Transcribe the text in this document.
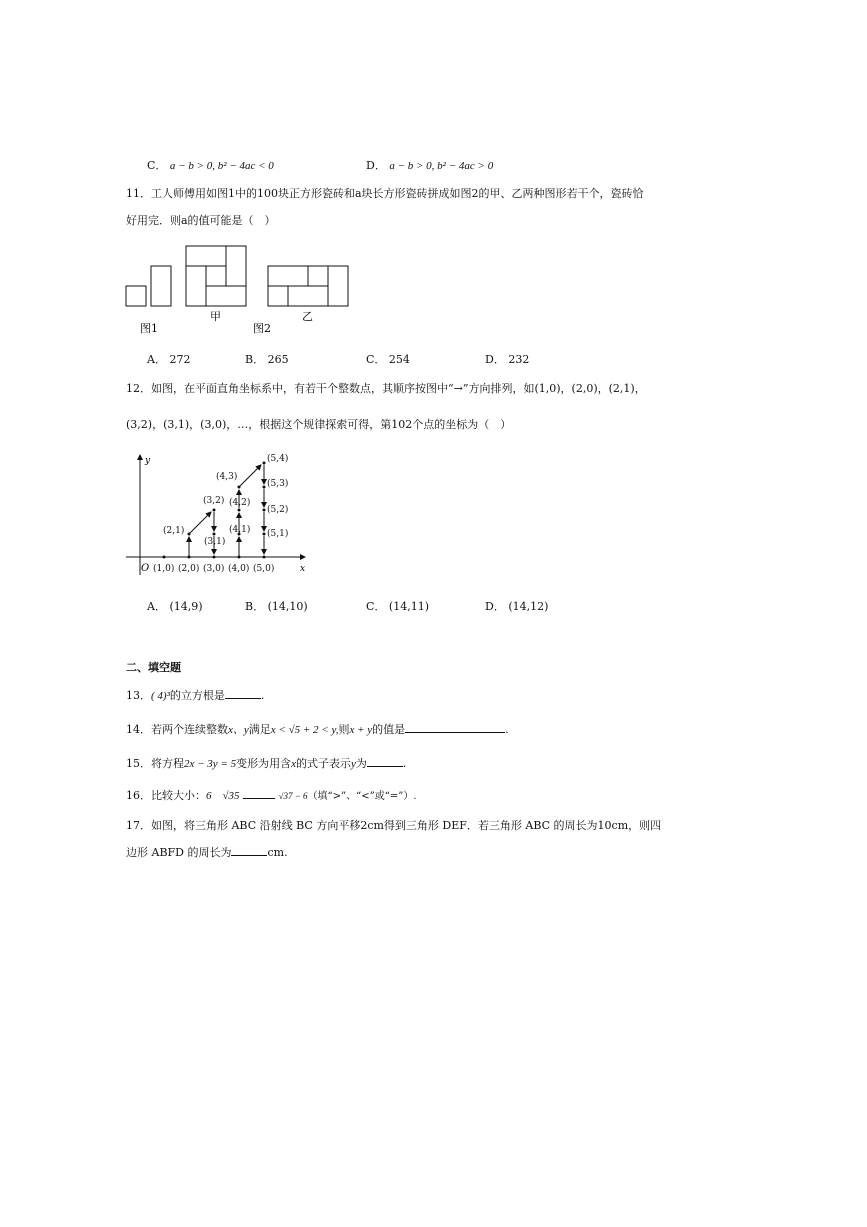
C． a − b > 0, b² − 4ac < 0	D． a − b > 0, b² − 4ac > 0
11．工人师傅用如图1中的100块正方形瓷砖和a块长方形瓷砖拼成如图2的甲、乙两种图形若干个，瓷砖恰
好用完．则a的值可能是（　）
图1
甲
图2
乙
A． 272	B． 265	C． 254	D． 232
12．如图，在平面直角坐标系中，有若干个整数点，其顺序按图中“→”方向排列，如(1,0)，(2,0)，(2,1)，
(3,2)，(3,1)，(3,0)，…，根据这个规律探索可得，第102个点的坐标为（　）
y
x
O (1,0) (2,0) (3,0) (4,0) (5,0)
(2,1)
(3,2)
(3,1)
(4,3)
(4,2)
(4,1)
(5,4)
(5,3)
(5,2)
(5,1)
A． (14,9)	B． (14,10)	C． (14,11)	D． (14,12)
二、填空题
13．( 4)³的立方根是	.
14．若两个连续整数x、y满足x < √5 + 2 < y,则x + y的值是	.
15．将方程2x − 3y = 5变形为用含x的式子表示y为	.
16．比较大小：6　√35	√37 − 6（填“>”、“<”或“=”）.
17．如图，将三角形 ABC 沿射线 BC 方向平移2cm得到三角形 DEF．若三角形 ABC 的周长为10cm，则四
边形 ABFD 的周长为	cm.
